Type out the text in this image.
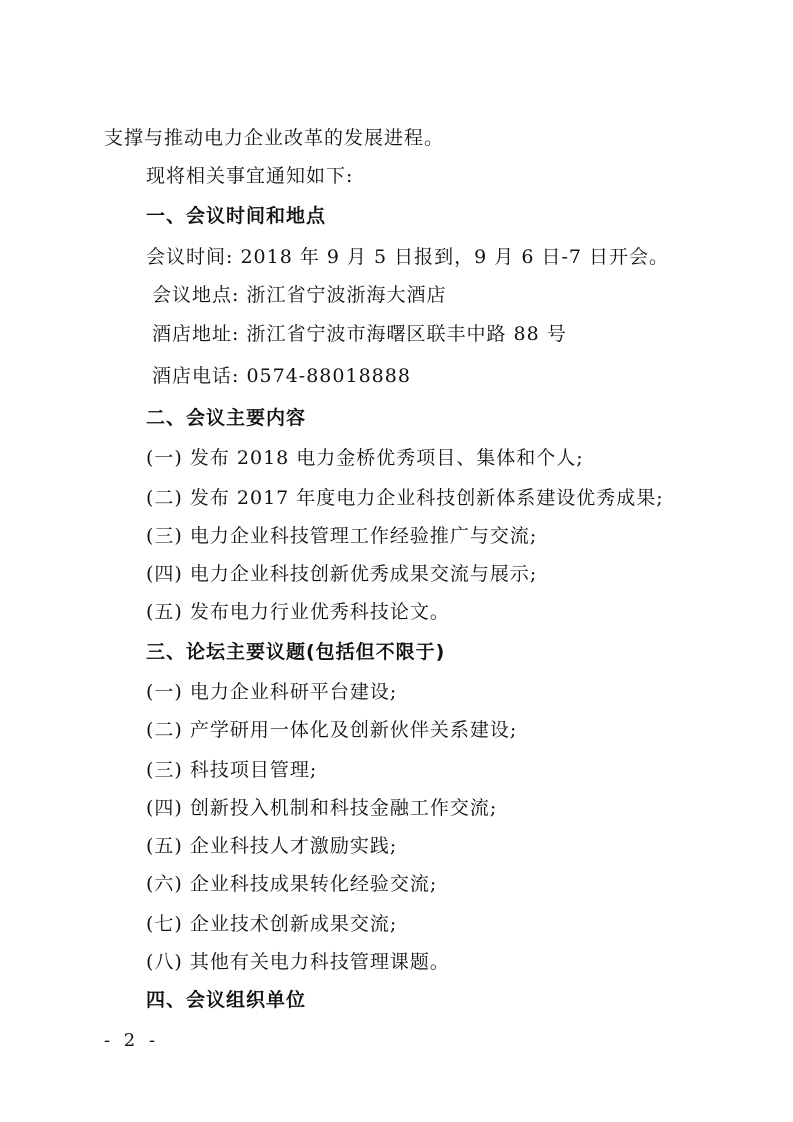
支撑与推动电力企业改革的发展进程。
现将相关事宜通知如下:
一、会议时间和地点
会议时间: 2018 年 9 月 5 日报到，9 月 6 日-7 日开会。
会议地点: 浙江省宁波浙海大酒店
酒店地址: 浙江省宁波市海曙区联丰中路 88 号
酒店电话: 0574-88018888
二、会议主要内容
(一) 发布 2018 电力金桥优秀项目、集体和个人;
(二) 发布 2017 年度电力企业科技创新体系建设优秀成果;
(三) 电力企业科技管理工作经验推广与交流;
(四) 电力企业科技创新优秀成果交流与展示;
(五) 发布电力行业优秀科技论文。
三、论坛主要议题(包括但不限于)
(一) 电力企业科研平台建设;
(二) 产学研用一体化及创新伙伴关系建设;
(三) 科技项目管理;
(四) 创新投入机制和科技金融工作交流;
(五) 企业科技人才激励实践;
(六) 企业科技成果转化经验交流;
(七) 企业技术创新成果交流;
(八) 其他有关电力科技管理课题。
四、会议组织单位
- 2 -
